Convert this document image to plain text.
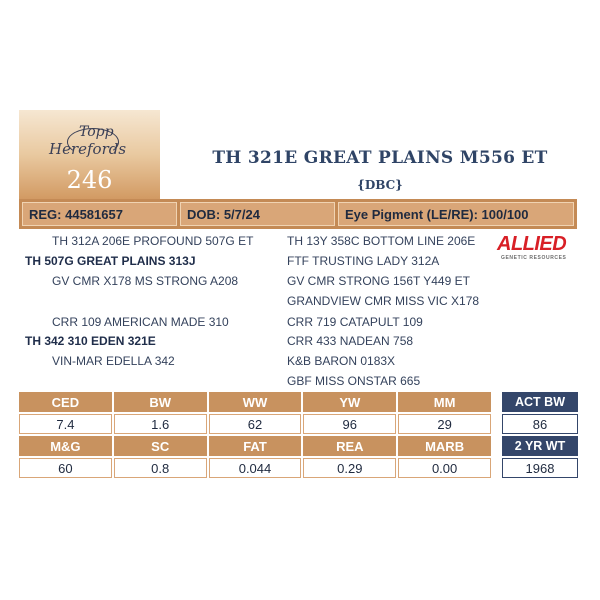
Topp
Herefords
246
TH 321E GREAT PLAINS M556 ET
{DBC}
REG: 44581657	DOB: 5/7/24	Eye Pigment (LE/RE): 100/100
TH 312A 206E PROFOUND 507G ET
TH 507G GREAT PLAINS 313J
GV CMR X178 MS STRONG A208
CRR 109 AMERICAN MADE 310
TH 342 310 EDEN 321E
VIN-MAR EDELLA 342
TH 13Y 358C BOTTOM LINE 206E
FTF TRUSTING LADY 312A
GV CMR STRONG 156T Y449 ET
GRANDVIEW CMR MISS VIC X178
CRR 719 CATAPULT 109
CRR 433 NADEAN 758
K&B BARON 0183X
GBF MISS ONSTAR 665
ALLIED
GENETIC RESOURCES
CED	BW	WW	YW	MM
7.4	1.6	62	96	29
M&G	SC	FAT	REA	MARB
60	0.8	0.044	0.29	0.00
ACT BW
86
2 YR WT
1968
